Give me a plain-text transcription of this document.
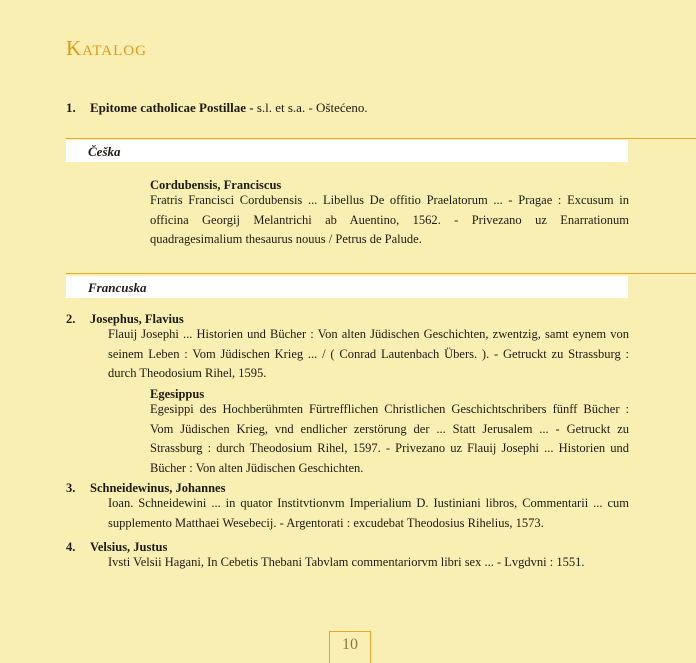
Katalog
1. Epitome catholicae Postillae - s.l. et s.a. - Oštećeno.
Češka
Cordubensis, Franciscus
Fratris Francisci Cordubensis ... Libellus De offitio Praelatorum ... - Pragae : Excusum in officina Georgij Melantrichi ab Auentino, 1562. - Privezano uz Enarrationum quadragesimalium thesaurus nouus / Petrus de Palude.
Francuska
2. Josephus, Flavius
Flauij Josephi ... Historien und Bücher : Von alten Jüdischen Geschichten, zwentzig, samt eynem von seinem Leben : Vom Jüdischen Krieg ... / ( Conrad Lautenbach Übers. ). - Getruckt zu Strassburg : durch Theodosium Rihel, 1595.
Egesippus
Egesippi des Hochberühmten Fürtrefflichen Christlichen Geschichtschribers fünff Bücher : Vom Jüdischen Krieg, vnd endlicher zerstörung der ... Statt Jerusalem ... - Getruckt zu Strassburg : durch Theodosium Rihel, 1597. - Privezano uz Flauij Josephi ... Historien und Bücher : Von alten Jüdischen Geschichten.
3. Schneidewinus, Johannes
Ioan. Schneidewini ... in quator Institvtionvm Imperialium D. Iustiniani libros, Commentarii ... cum supplemento Matthaei Wesebecij. - Argentorati : excudebat Theodosius Rihelius, 1573.
4. Velsius, Justus
Ivsti Velsii Hagani, In Cebetis Thebani Tabvlam commentariorvm libri sex ... - Lvgdvni : 1551.
10
